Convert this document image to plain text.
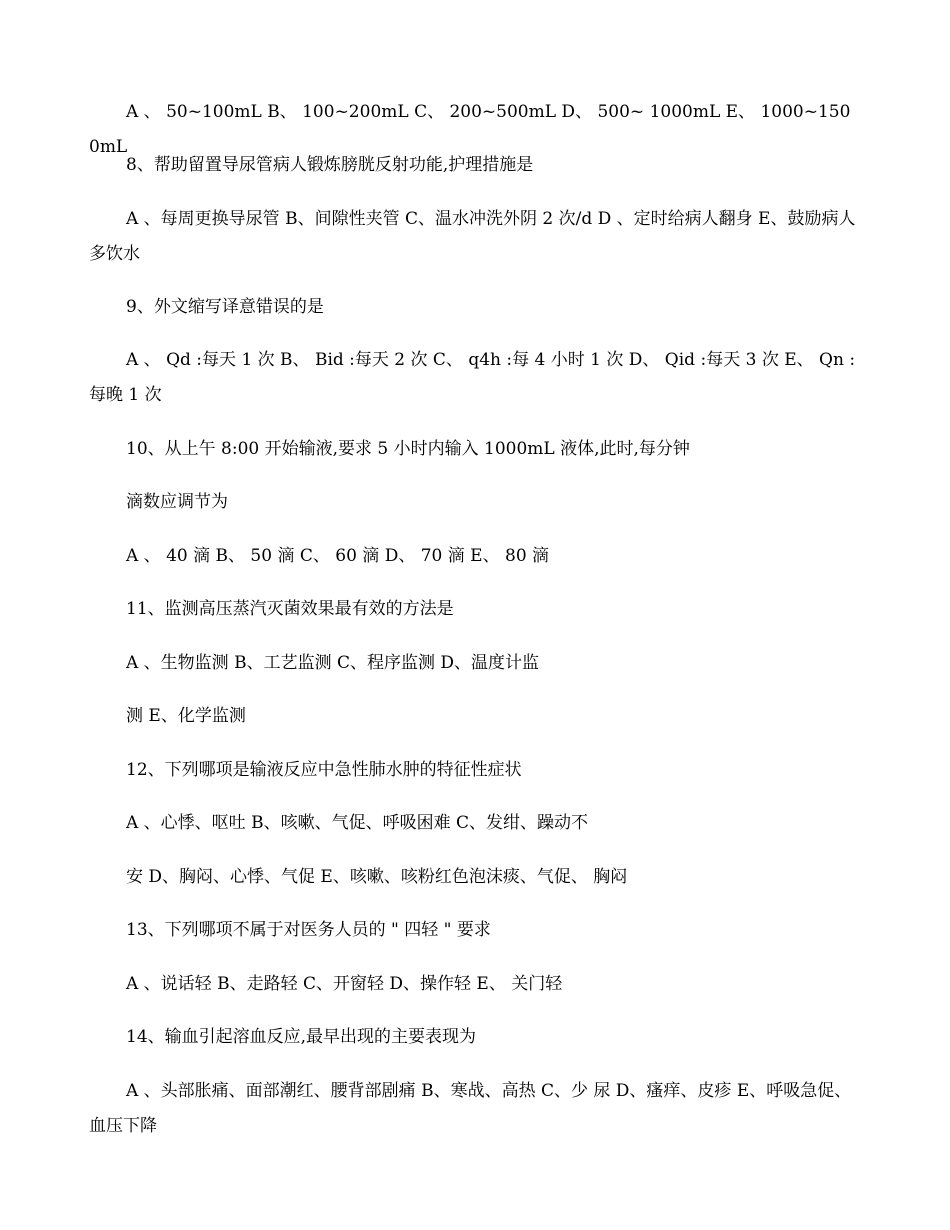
A 、 50~100mL B、 100~200mL C、 200~500mL D、 500~ 1000mL E、 1000~1500mL

8、帮助留置导尿管病人锻炼膀胱反射功能,护理措施是

A 、每周更换导尿管 B、间隙性夹管 C、温水冲洗外阴 2 次/d D 、定时给病人翻身 E、鼓励病人多饮水

9、外文缩写译意错误的是

A 、 Qd :每天 1 次 B、 Bid :每天 2 次 C、 q4h :每 4 小时 1 次 D、 Qid :每天 3 次 E、 Qn :每晚 1 次

10、从上午 8:00 开始输液,要求 5 小时内输入 1000mL 液体,此时,每分钟

滴数应调节为

A 、 40 滴 B、 50 滴 C、 60 滴 D、 70 滴 E、 80 滴

11、监测高压蒸汽灭菌效果最有效的方法是

A 、生物监测 B、工艺监测 C、程序监测 D、温度计监

测 E、化学监测

12、下列哪项是输液反应中急性肺水肿的特征性症状

A 、心悸、呕吐 B、咳嗽、气促、呼吸困难 C、发绀、躁动不

安 D、胸闷、心悸、气促 E、咳嗽、咳粉红色泡沫痰、气促、 胸闷

13、下列哪项不属于对医务人员的 " 四轻 " 要求

A 、说话轻 B、走路轻 C、开窗轻 D、操作轻 E、 关门轻

14、输血引起溶血反应,最早出现的主要表现为

A 、头部胀痛、面部潮红、腰背部剧痛 B、寒战、高热 C、少 尿 D、瘙痒、皮疹 E、呼吸急促、血压下降
